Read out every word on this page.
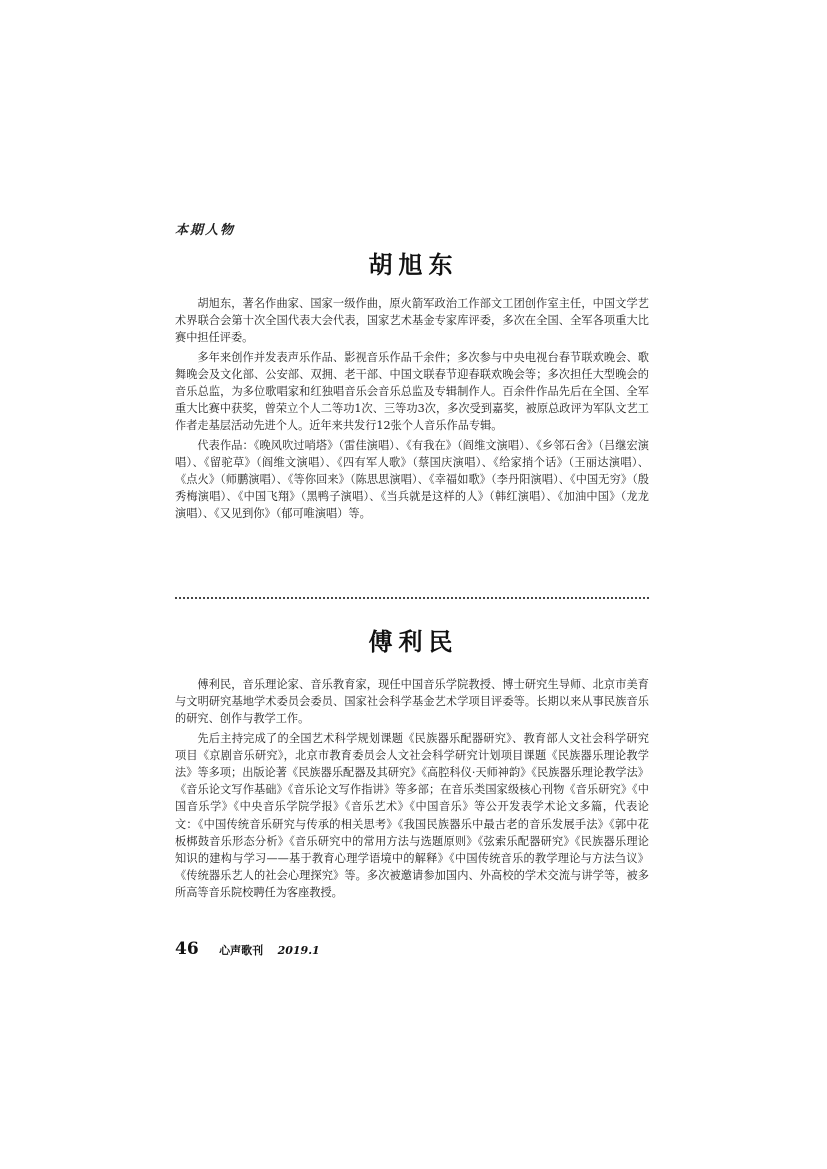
本期人物
胡旭东

胡旭东，著名作曲家、国家一级作曲，原火箭军政治工作部文工团创作室主任，中国文学艺术界联合会第十次全国代表大会代表，国家艺术基金专家库评委，多次在全国、全军各项重大比赛中担任评委。

多年来创作并发表声乐作品、影视音乐作品千余件；多次参与中央电视台春节联欢晚会、歌舞晚会及文化部、公安部、双拥、老干部、中国文联春节迎春联欢晚会等；多次担任大型晚会的音乐总监，为多位歌唱家和红独唱音乐会音乐总监及专辑制作人。百余件作品先后在全国、全军重大比赛中获奖，曾荣立个人二等功1次、三等功3次，多次受到嘉奖，被原总政评为军队文艺工作者走基层活动先进个人。近年来共发行12张个人音乐作品专辑。

代表作品：《晚风吹过哨塔》（雷佳演唱）、《有我在》（阎维文演唱）、《乡邻石舍》（吕继宏演唱）、《留驼草》（阎维文演唱）、《四有军人歌》（蔡国庆演唱）、《给家捎个话》（王丽达演唱）、《点火》（师鹏演唱）、《等你回来》（陈思思演唱）、《幸福如歌》（李丹阳演唱）、《中国无穷》（殷秀梅演唱）、《中国飞翔》（黑鸭子演唱）、《当兵就是这样的人》（韩红演唱）、《加油中国》（龙龙演唱）、《又见到你》（郁可唯演唱）等。

傅利民

傅利民，音乐理论家、音乐教育家，现任中国音乐学院教授、博士研究生导师、北京市美育与文明研究基地学术委员会委员、国家社会科学基金艺术学项目评委等。长期以来从事民族音乐的研究、创作与教学工作。

先后主持完成了的全国艺术科学规划课题《民族器乐配器研究》、教育部人文社会科学研究项目《京剧音乐研究》，北京市教育委员会人文社会科学研究计划项目课题《民族器乐理论教学法》等多项；出版论著《民族器乐配器及其研究》《高腔科仪·天师神韵》《民族器乐理论教学法》《音乐论文写作基础》《音乐论文写作指讲》等多部；在音乐类国家级核心刊物《音乐研究》《中国音乐学》《中央音乐学院学报》《音乐艺术》《中国音乐》等公开发表学术论文多篇，代表论文：《中国传统音乐研究与传承的相关思考》《我国民族器乐中最古老的音乐发展手法》《郭中花板梆鼓音乐形态分析》《音乐研究中的常用方法与选题原则》《弦索乐配器研究》《民族器乐理论知识的建构与学习——基于教育心理学语境中的解释》《中国传统音乐的教学理论与方法刍议》《传统器乐艺人的社会心理探究》等。多次被邀请参加国内、外高校的学术交流与讲学等，被多所高等音乐院校聘任为客座教授。

46 心声歌刊 2019.1
